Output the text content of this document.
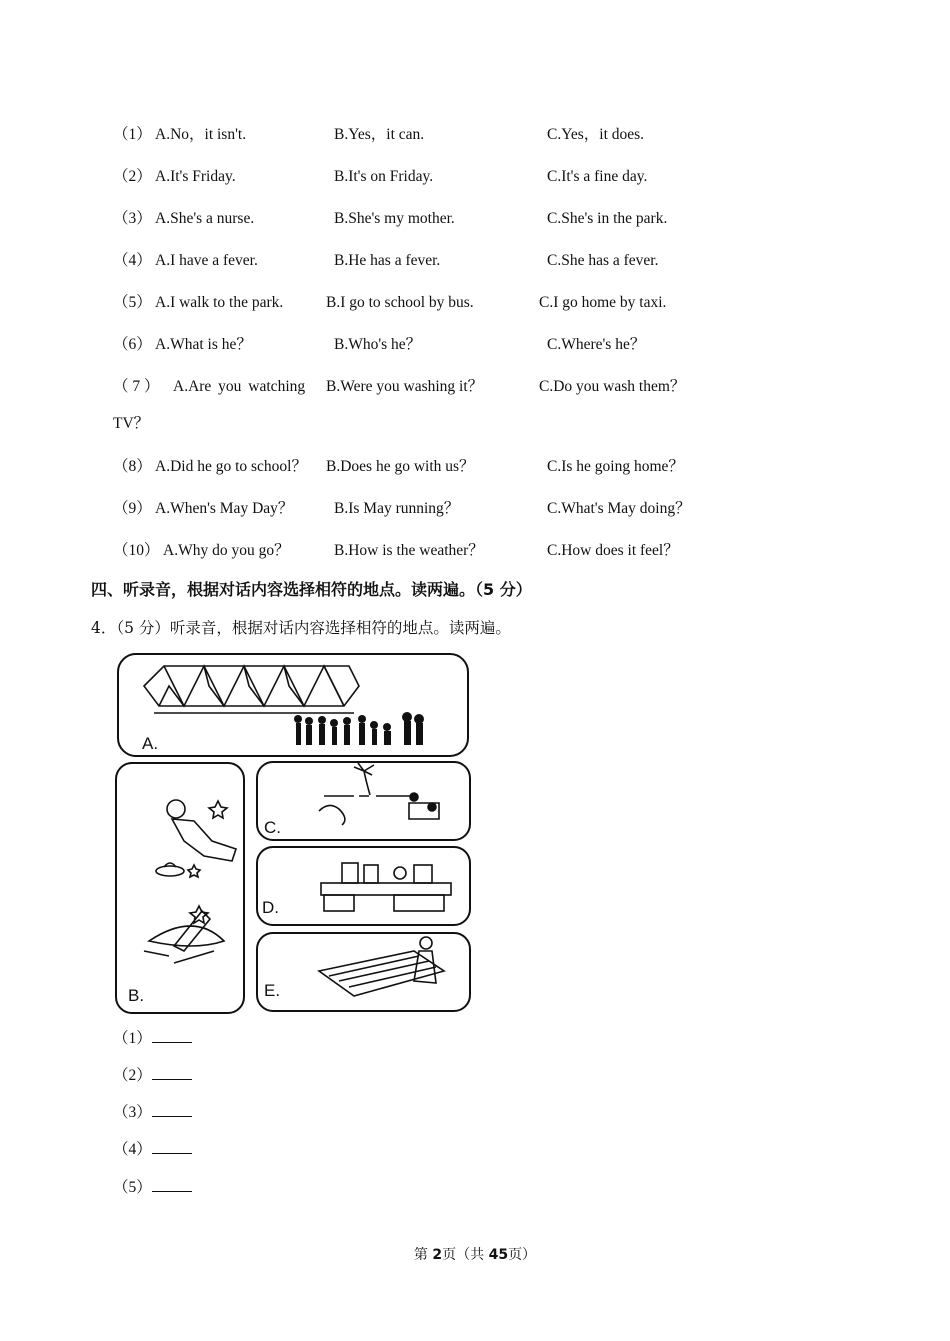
（1） A.No，it isn't.	B.Yes，it can.	C.Yes，it does.
（2） A.It's Friday.	B.It's on Friday.	C.It's a fine day.
（3） A.She's a nurse.	B.She's my mother.	C.She's in the park.
（4） A.I have a fever.	B.He has a fever.	C.She has a fever.
（5） A.I walk to the park.	B.I go to school by bus.	C.I go home by taxi.
（6） A.What is he？	B.Who's he？	C.Where's he？
（ 7 ） A.Are you watching
TV？
B.Were you washing it？	C.Do you wash them？
（8） A.Did he go to school？ B.Does he go with us？	C.Is he going home？
（9） A.When's May Day？	B.Is May running？	C.What's May doing？
（10） A.Why do you go？	B.How is the weather？	C.How does it feel？
四、听录音，根据对话内容选择相符的地点。读两遍。（5 分）
4．（5 分）听录音，根据对话内容选择相符的地点。读两遍。
A.
B.
C.
D.
E.
（1）
（2）
（3）
（4）
（5）
第 2页（共 45页）
